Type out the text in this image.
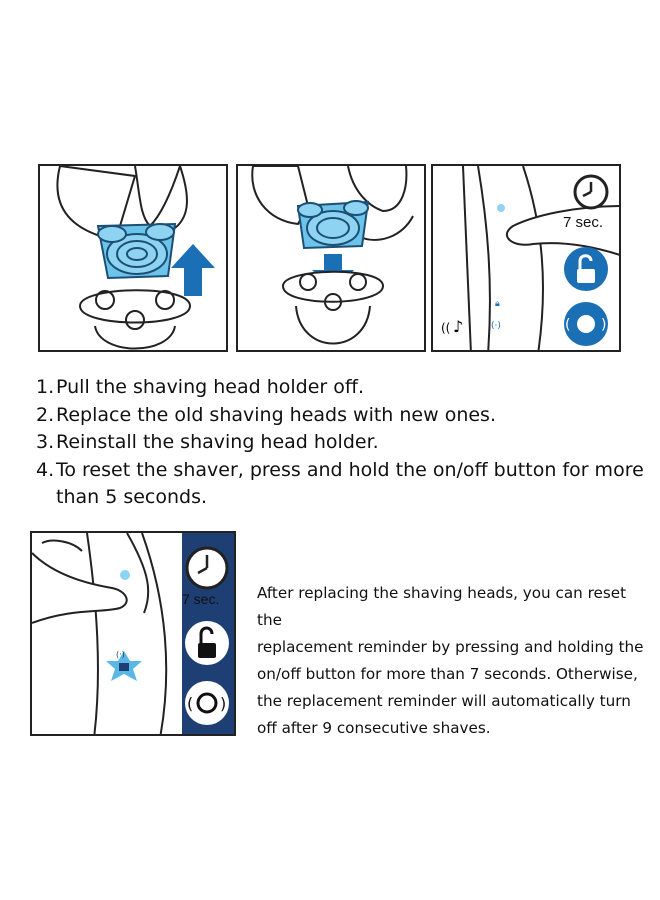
(( ♪
🔒︎
(·)	( )
7 sec.
1. Pull the shaving head holder off.
2. Replace the old shaving heads with new ones.
3. Reinstall the shaving head holder.
4. To reset the shaver, press and hold the on/off button for more than 5 seconds.
(·)
( )
7 sec. After replacing the shaving heads, you can reset the

replacement reminder by pressing and holding the

on/off button for more than 7 seconds. Otherwise,

the replacement reminder will automatically turn

off after 9 consecutive shaves.
